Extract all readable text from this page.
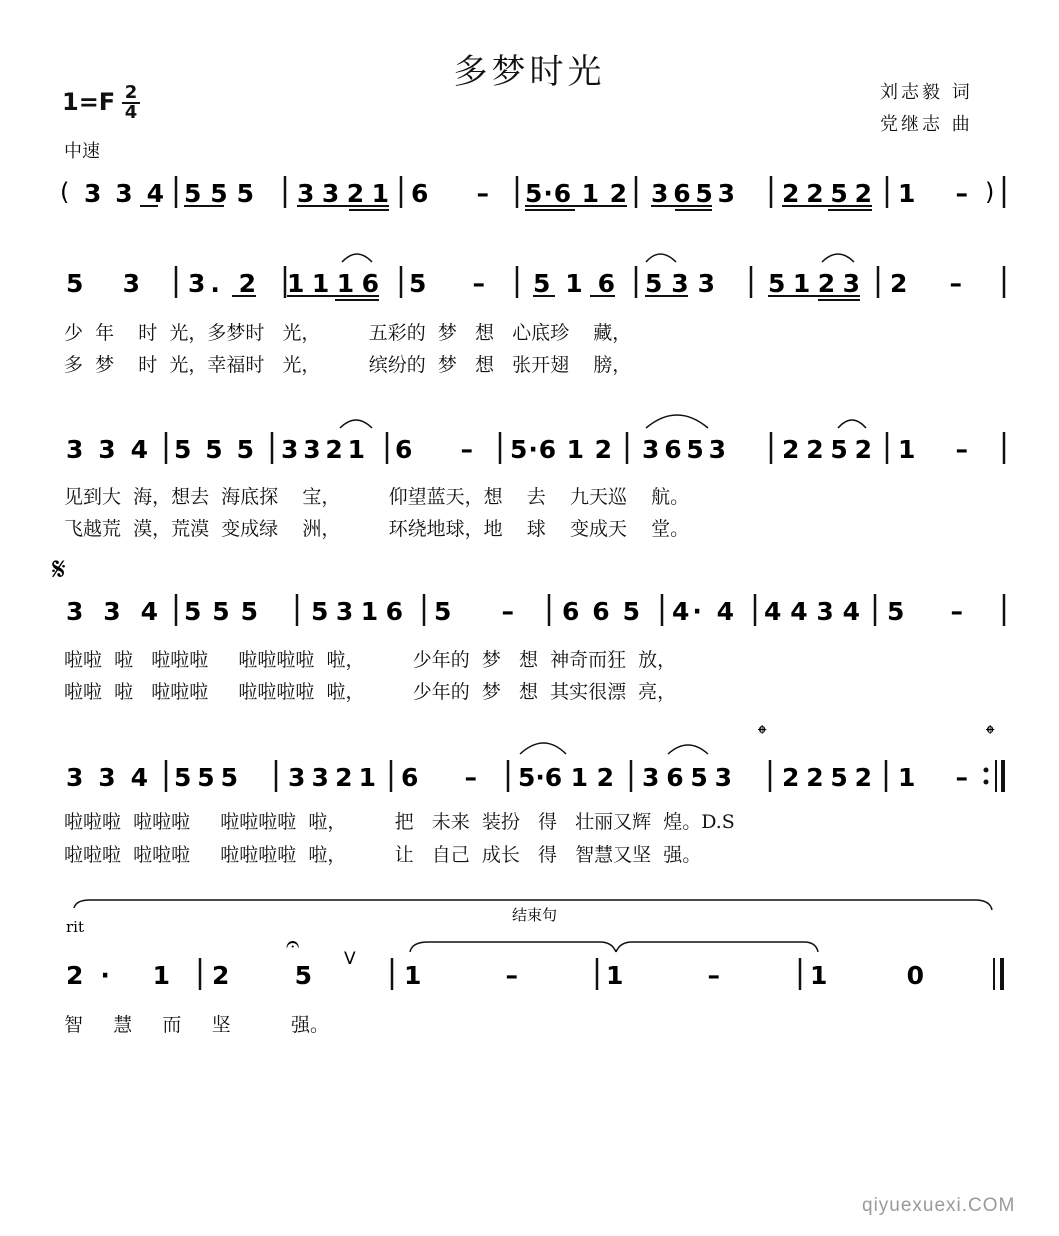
多梦时光
刘志毅 词
党继志 曲
$1=F \frac{2}{4}$
中速
(	)
3 3 4 5 5 5 3 3 2 1 6 – 5·6 1 2 3 6 5 3 2 2 5 2 1 –
5 3 3. 2 1 1 1 6 5 – 5 1 6 5 3 3 5 1 2 3 2 –
3 3 4 5 5 5 3 3 2 1 6 – 5·6 1 2 3 6 5 3 2 2 5 2 1 –
3 3 4 5 5 5 5 3 1 6 5 – 6 6 5 4· 4 4 4 3 4 5 –
3 3 4 5 5 5 3 3 2 1 6 – 5·6 1 2 3 6 5 3 2 2 5 2 1 –
2· 1 2 5	1 –	1 –	1 0
𝄋
𝄌	𝄌
rit
结束句
V
𝄐
少  年    时  光，多梦时   光，        五彩的  梦   想   心底珍    藏，
多  梦    时  光，幸福时   光，        缤纷的  梦   想   张开翅    膀，
见到大  海，想去  海底探    宝，        仰望蓝天，想    去    九天巡    航。
飞越荒  漠，荒漠  变成绿    洲，        环绕地球，地    球    变成天    堂。
啦啦  啦   啦啦啦     啦啦啦啦  啦，        少年的  梦   想  神奇而狂  放，
啦啦  啦   啦啦啦     啦啦啦啦  啦，        少年的  梦   想  其实很漂  亮，
啦啦啦  啦啦啦     啦啦啦啦  啦，        把   未来  装扮   得   壮丽又辉  煌。D.S
啦啦啦  啦啦啦     啦啦啦啦  啦，        让   自己  成长   得   智慧又坚  强。
智     慧     而     坚          强。
qiyuexuexi.COM
